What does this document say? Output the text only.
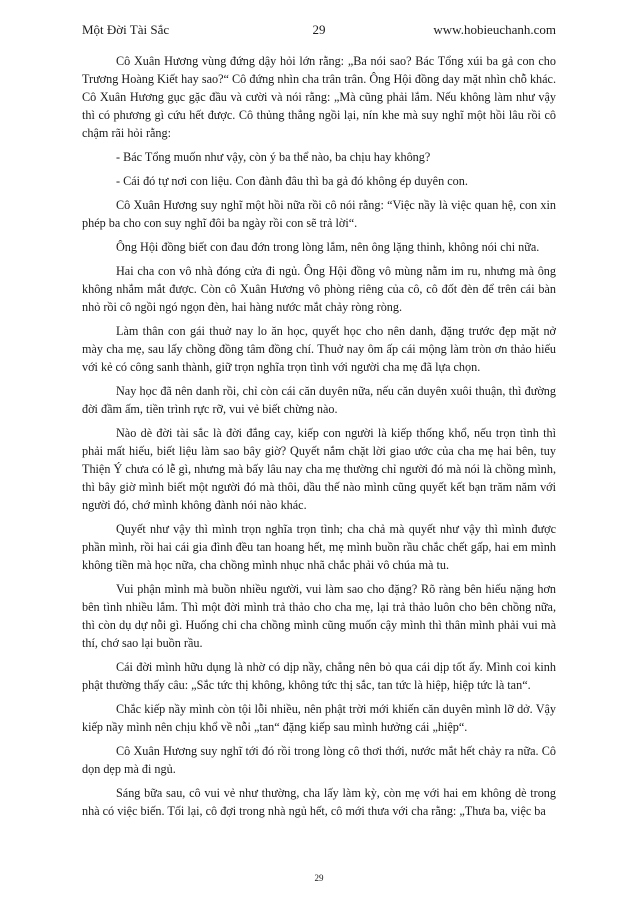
Một Đời Tài Sắc	29	www.hobieuchanh.com

Cô Xuân Hương vùng đứng dậy hỏi lớn rằng: „Ba nói sao? Bác Tổng xúi ba gả con cho Trương Hoàng Kiết hay sao?“ Cô đứng nhìn cha trân trân. Ông Hội đồng day mặt nhìn chỗ khác. Cô Xuân Hương gục gặc đầu và cười và nói rằng: „Mà cũng phải lắm. Nếu không làm như vậy thì có phương gì cứu hết được. Cô thủng thẳng ngồi lại, nín khe mà suy nghĩ một hồi lâu rồi cô chậm rãi hỏi rằng:

- Bác Tổng muốn như vậy, còn ý ba thể nào, ba chịu hay không?

- Cái đó tự nơi con liệu. Con đành đâu thì ba gả đó không ép duyên con.

Cô Xuân Hương suy nghĩ một hồi nữa rồi cô nói rằng: “Việc nầy là việc quan hệ, con xin phép ba cho con suy nghĩ đôi ba ngày rồi con sẽ trả lời“.

Ông Hội đồng biết con đau đớn trong lòng lắm, nên ông lặng thinh, không nói chi nữa.

Hai cha con vô nhà đóng cửa đi ngủ. Ông Hội đồng vô mùng nằm im ru, nhưng mà ông không nhắm mắt được. Còn cô Xuân Hương vô phòng riêng của cô, cô đốt đèn để trên cái bàn nhỏ rồi cô ngồi ngó ngọn đèn, hai hàng nước mắt chảy ròng ròng.

Làm thân con gái thuở nay lo ăn học, quyết học cho nên danh, đặng trước đẹp mặt nở mày cha mẹ, sau lấy chồng đồng tâm đồng chí. Thuở nay ôm ấp cái mộng làm tròn ơn thảo hiếu với kẻ có công sanh thành, giữ trọn nghĩa trọn tình với người cha mẹ đã lựa chọn.

Nay học đã nên danh rồi, chỉ còn cái căn duyên nữa, nếu căn duyên xuôi thuận, thì đường đời đầm ấm, tiền trình rực rỡ, vui vẻ biết chừng nào.

Nào dè đời tài sắc là đời đắng cay, kiếp con người là kiếp thống khổ, nếu trọn tình thì phải mất hiếu, biết liệu làm sao bây giờ? Quyết nắm chặt lời giao ước của cha mẹ hai bên, tuy Thiện Ý chưa có lễ gì, nhưng mà bấy lâu nay cha mẹ thường chỉ người đó mà nói là chồng mình, thì bây giờ mình biết một người đó mà thôi, dầu thế nào mình cũng quyết kết bạn trăm năm với người đó, chớ mình không đành nói nào khác.

Quyết như vậy thì mình trọn nghĩa trọn tình; cha chả mà quyết như vậy thì mình được phần mình, rồi hai cái gia đình đều tan hoang hết, mẹ mình buồn rầu chắc chết gấp, hai em mình không tiền mà học nữa, cha chồng mình nhục nhã chắc phải vô chúa mà tu.

Vui phận mình mà buồn nhiều người, vui làm sao cho đặng? Rõ ràng bên hiếu nặng hơn bên tình nhiều lắm. Thì một đời mình trả thảo cho cha mẹ, lại trả thảo luôn cho bên chồng nữa, thì còn dụ dự nỗi gì. Huống chi cha chồng mình cũng muốn cậy mình thì thân mình phải vui mà thí, chớ sao lại buồn rầu.

Cái đời mình hữu dụng là nhờ có dịp nầy, chẳng nên bỏ qua cái dịp tốt ấy. Mình coi kinh phật thường thấy câu: „Sắc tức thị không, không tức thị sắc, tan tức là hiệp, hiệp tức là tan“.

Chắc kiếp nầy mình còn tội lỗi nhiều, nên phật trời mới khiến căn duyên mình lỡ dở. Vậy kiếp nầy mình nên chịu khổ về nỗi „tan“ đặng kiếp sau mình hưởng cái „hiệp“.

Cô Xuân Hương suy nghĩ tới đó rồi trong lòng cô thơi thới, nước mắt hết chảy ra nữa. Cô dọn dẹp mà đi ngủ.

Sáng bữa sau, cô vui vẻ như thường, cha lấy làm kỳ, còn mẹ với hai em không dè trong nhà có việc biến. Tối lại, cô đợi trong nhà ngủ hết, cô mới thưa với cha rằng: „Thưa ba, việc ba

29
